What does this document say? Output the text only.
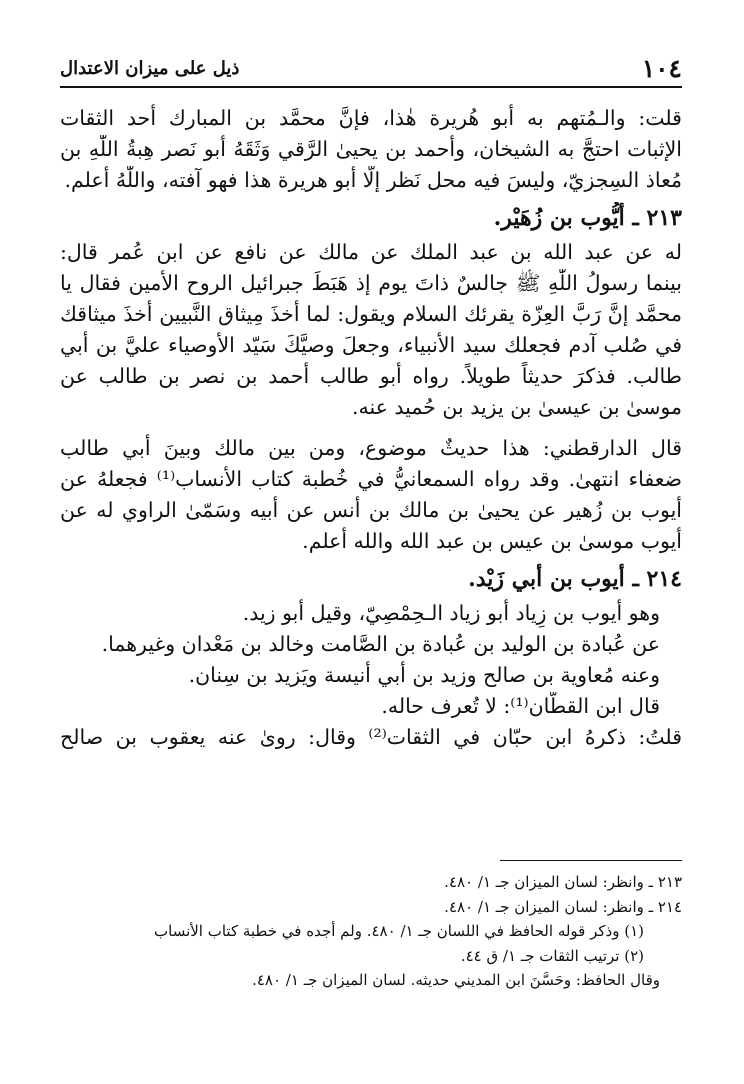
١٠٤
ذيل على ميزان الاعتدال
قلت: والـمُتهم به أبو هُريرة هٰذا، فإنَّ محمَّد بن المبارك أحد الثقات
الإثبات احتجَّ به الشيخان، وأحمد بن يحيىٰ الرَّقي وَثَقَهُ أبو نَصر هِبةُ اللّٰهِ بن
مُعاذ السِجزيّ، وليسَ فيه محل نَظر إلّا أبو هريرة هذا فهو آفته، واللّٰهُ أعلم.
٢١٣ ـ أيُّوب بن زُهَيْر.
له عن عبد الله بن عبد الملك عن مالك عن نافع عن ابن عُمر قال:
بينما رسولُ اللّٰهِ ﷺ جالسٌ ذاتَ يوم إذ هَبَطَ جبرائيل الروح الأمين فقال يا
محمَّد إنَّ رَبَّ العِزّة يقرئك السلام ويقول: لما أخذَ مِيثاق النَّبيين أخذَ ميثاقك
في صُلب آدم فجعلك سيد الأنبياء، وجعلَ وصيَّكَ سَيّد الأوصياء عليَّ بن أبي
طالب. فذكرَ حديثاً طويلاً. رواه أبو طالب أحمد بن نصر بن طالب عن
موسىٰ بن عيسىٰ بن يزيد بن حُميد عنه.
قال الدارقطني: هذا حديثٌ موضوع، ومن بين مالك وبينَ أبي طالب
ضعفاء انتهىٰ. وقد رواه السمعانيُّ في خُطبة كتاب الأنساب⁽¹⁾ فجعلهُ عن
أيوب بن زُهير عن يحيىٰ بن مالك بن أَنس عن أبيه وسَمّىٰ الراوي له عن
أيوب موسىٰ بن عيس بن عبد الله والله أعلم.
٢١٤ ـ أيوب بن أبي زَيْد.
وهو أيوب بن زِياد أبو زياد الـحِمْصِيّ، وقيل أبو زيد.
عن عُبادة بن الوليد بن عُبادة بن الصَّامت وخالد بن مَعْدان وغيرهما.
وعنه مُعاوية بن صالح وزيد بن أبي أُنيسة ويَزيد بن سِنان.
قال ابن القطّان⁽¹⁾: لا تُعرف حاله.
قلتُ: ذكرهُ ابن حبّان في الثقات⁽²⁾ وقال: روىٰ عنه يعقوب بن صالح
٢١٣ ـ وانظر: لسان الميزان جـ ١/ ٤٨٠.
٢١٤ ـ وانظر: لسان الميزان جـ ١/ ٤٨٠.
(١) وذكر قوله الحافظ في اللسان جـ ١/ ٤٨٠. ولم أجده في خطبة كتاب الأنساب
(٢) ترتيب الثقات جـ ١/ ق ٤٤.
وقال الحافظ: وحَسَّنَ ابن المديني حديثه. لسان الميزان جـ ١/ ٤٨٠.
